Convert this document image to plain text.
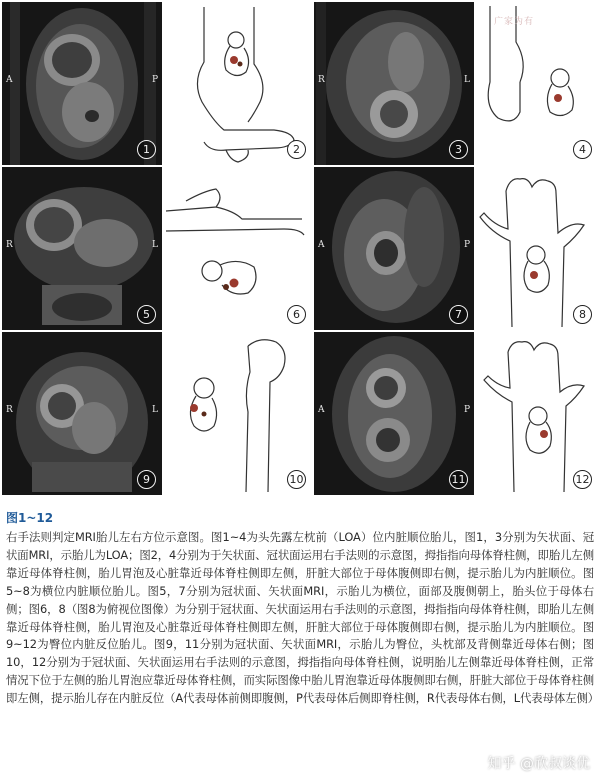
A	P
1	2
R	L
3
广家为有
4
R	L
5	6
A	P
7	8
R	L
9	10
A	P
11	12

图1~12

右手法则判定MRI胎儿左右方位示意图。图1~4为头先露左枕前（LOA）位内脏顺位胎儿，图1，3分别为矢状面、冠状面MRI，示胎儿为LOA；图2，4分别为于矢状面、冠状面运用右手法则的示意图，拇指指向母体脊柱侧，即胎儿左侧靠近母体脊柱侧，胎儿胃泡及心脏靠近母体脊柱侧即左侧，肝脏大部位于母体腹侧即右侧，提示胎儿为内脏顺位。图5~8为横位内脏顺位胎儿。图5，7分别为冠状面、矢状面MRI，示胎儿为横位，面部及腹侧朝上，胎头位于母体右侧；图6，8（图8为俯视位图像）为分别于冠状面、矢状面运用右手法则的示意图，拇指指向母体脊柱侧，即胎儿左侧靠近母体脊柱侧，胎儿胃泡及心脏靠近母体脊柱侧即左侧，肝脏大部位于母体腹侧即右侧，提示胎儿为内脏顺位。图9~12为臀位内脏反位胎儿。图9，11分别为冠状面、矢状面MRI，示胎儿为臀位，头枕部及背侧靠近母体右侧；图10，12分别为于冠状面、矢状面运用右手法则的示意图，拇指指向母体脊柱侧，说明胎儿左侧靠近母体脊柱侧，正常情况下位于左侧的胎儿胃泡应靠近母体脊柱侧，而实际图像中胎儿胃泡靠近母体腹侧即右侧，肝脏大部位于母体脊柱侧即左侧，提示胎儿存在内脏反位（A代表母体前侧即腹侧，P代表母体后侧即脊柱侧，R代表母体右侧，L代表母体左侧）

知乎 @欣叔谈优
